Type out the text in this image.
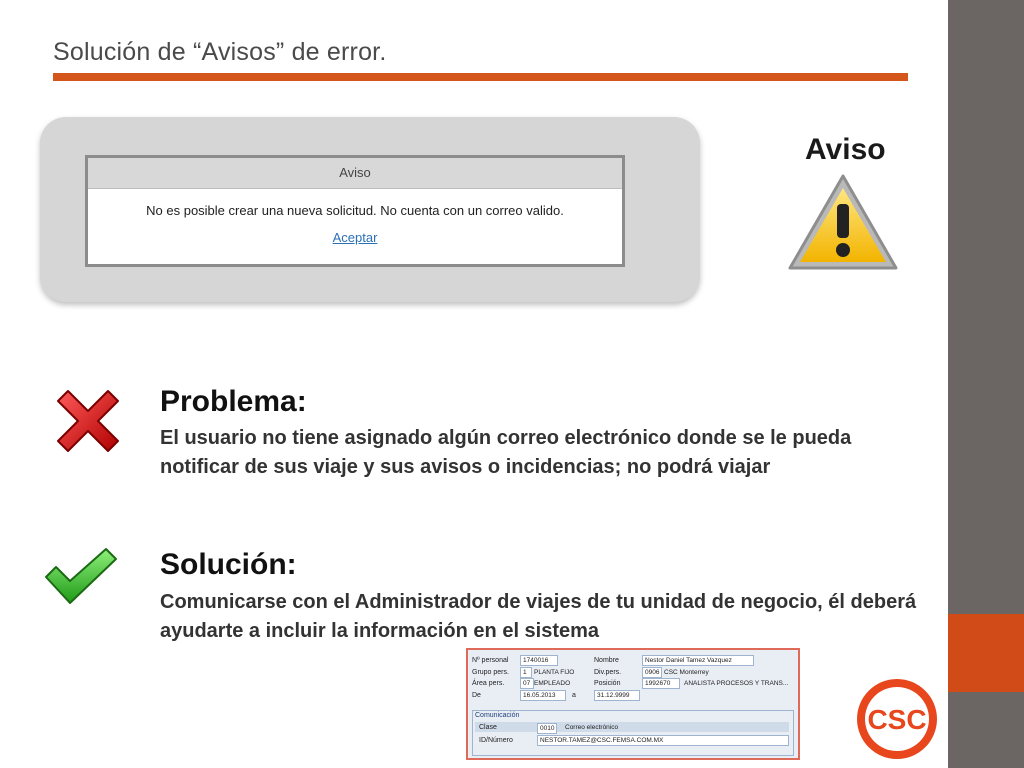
Solución de “Avisos” de error.
Aviso
No es posible crear una nueva solicitud. No cuenta con un correo valido.
Aceptar
Aviso
Problema:
El usuario no tiene asignado algún correo electrónico donde se le pueda notificar de sus viaje y sus avisos o incidencias; no podrá viajar
Solución:
Comunicarse con el Administrador de viajes de tu unidad de negocio, él deberá ayudarte a incluir la información en el sistema
Nº personal	1740016	Nombre	Nestor Daniel Tamez Vazquez
Grupo pers.	1	PLANTA FIJO	Div.pers.	0906 CSC Monterrey
Área pers.	07 EMPLEADO	Posición	1992670	ANALISTA PROCESOS Y TRANS...
De	16.05.2013	a	31.12.9999
Comunicación
Clase	0010	Correo electrónico
ID/Número	NESTOR.TAMEZ@CSC.FEMSA.COM.MX
CSC
